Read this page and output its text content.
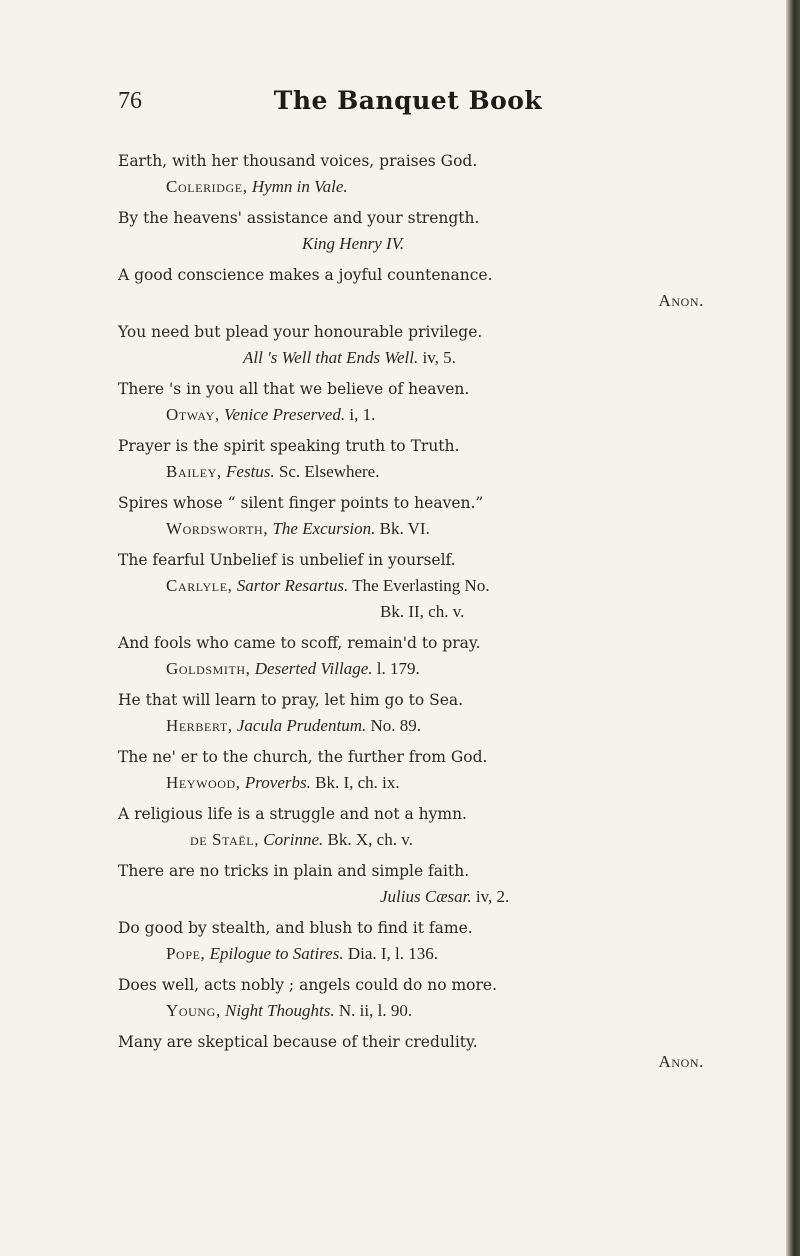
76	The Banquet Book
Earth, with her thousand voices, praises God.
Coleridge, Hymn in Vale.
By the heavens' assistance and your strength.
King Henry IV.
A good conscience makes a joyful countenance.
Anon.
You need but plead your honourable privilege.
All 's Well that Ends Well. iv, 5.
There 's in you all that we believe of heaven.
Otway, Venice Preserved. i, 1.
Prayer is the spirit speaking truth to Truth.
Bailey, Festus. Sc. Elsewhere.
Spires whose “ silent finger points to heaven.”
Wordsworth, The Excursion. Bk. VI.
The fearful Unbelief is unbelief in yourself.
Carlyle, Sartor Resartus. The Everlasting No.
Bk. II, ch. v.
And fools who came to scoff, remain'd to pray.
Goldsmith, Deserted Village. l. 179.
He that will learn to pray, let him go to Sea.
Herbert, Jacula Prudentum. No. 89.
The ne' er to the church, the further from God.
Heywood, Proverbs. Bk. I, ch. ix.
A religious life is a struggle and not a hymn.
de Staël, Corinne. Bk. X, ch. v.
There are no tricks in plain and simple faith.
Julius Cæsar. iv, 2.
Do good by stealth, and blush to find it fame.
Pope, Epilogue to Satires. Dia. I, l. 136.
Does well, acts nobly ; angels could do no more.
Young, Night Thoughts. N. ii, l. 90.
Many are skeptical because of their credulity.
Anon.
